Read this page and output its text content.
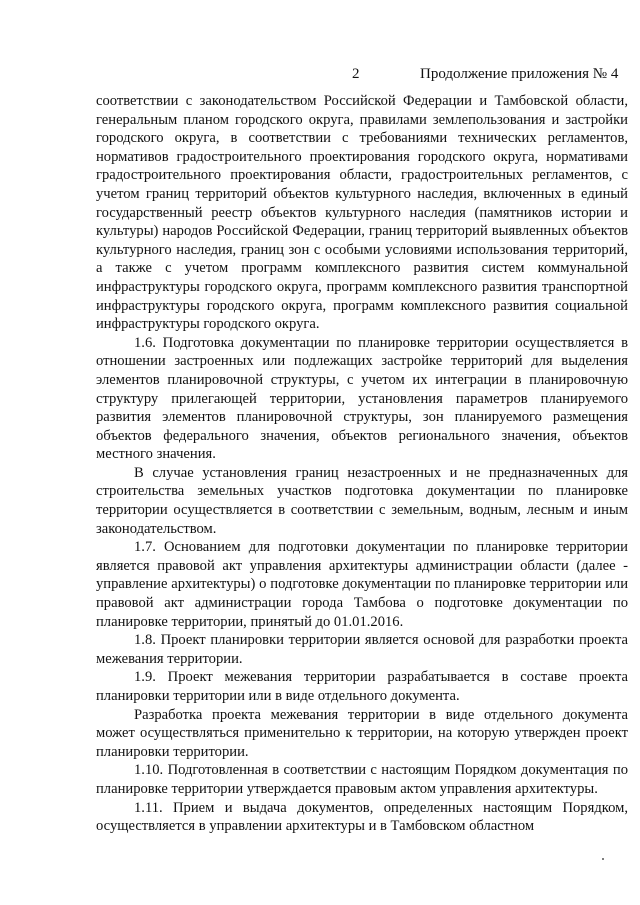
2	Продолжение приложения № 4

соответствии с законодательством Российской Федерации и Тамбовской области, генеральным планом городского округа, правилами землепользования и застройки городского округа, в соответствии с требованиями технических регламентов, нормативов градостроительного проектирования городского округа, нормативами градостроительного проектирования области, градостроительных регламентов, с учетом границ территорий объектов культурного наследия, включенных в единый государственный реестр объектов культурного наследия (памятников истории и культуры) народов Российской Федерации, границ территорий выявленных объектов культурного наследия, границ зон с особыми условиями использования территорий, а также с учетом программ комплексного развития систем коммунальной инфраструктуры городского округа, программ комплексного развития транспортной инфраструктуры городского округа, программ комплексного развития социальной инфраструктуры городского округа.

1.6. Подготовка документации по планировке территории осуществляется в отношении застроенных или подлежащих застройке территорий для выделения элементов планировочной структуры, с учетом их интеграции в планировочную структуру прилегающей территории, установления параметров планируемого развития элементов планировочной структуры, зон планируемого размещения объектов федерального значения, объектов регионального значения, объектов местного значения.

В случае установления границ незастроенных и не предназначенных для строительства земельных участков подготовка документации по планировке территории осуществляется в соответствии с земельным, водным, лесным и иным законодательством.

1.7. Основанием для подготовки документации по планировке территории является правовой акт управления архитектуры администрации области (далее - управление архитектуры) о подготовке документации по планировке территории или правовой акт администрации города Тамбова о подготовке документации по планировке территории, принятый до 01.01.2016.

1.8. Проект планировки территории является основой для разработки проекта межевания территории.

1.9. Проект межевания территории разрабатывается в составе проекта планировки территории или в виде отдельного документа.

Разработка проекта межевания территории в виде отдельного документа может осуществляться применительно к территории, на которую утвержден проект планировки территории.

1.10. Подготовленная в соответствии с настоящим Порядком документация по планировке территории утверждается правовым актом управления архитектуры.

1.11. Прием и выдача документов, определенных настоящим Порядком, осуществляется в управлении архитектуры и в Тамбовском областном
